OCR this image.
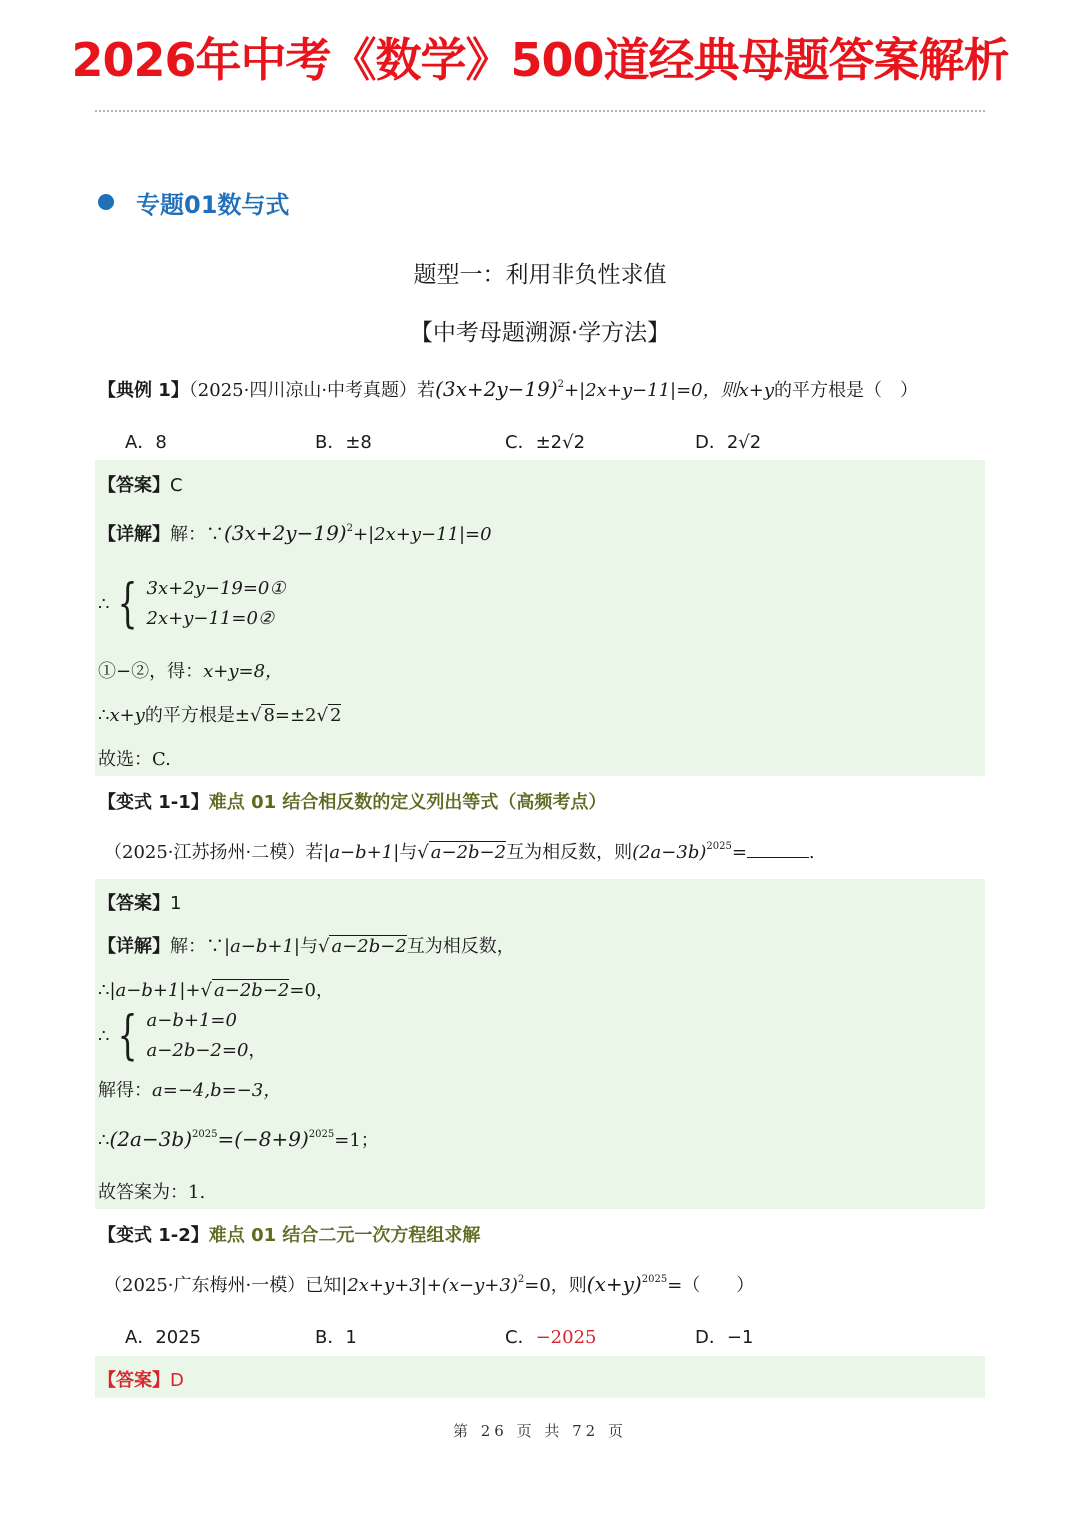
2026年中考《数学》500道经典母题答案解析
专题01数与式
题型一：利用非负性求值
【中考母题溯源·学方法】
【典例 1】（2025·四川凉山·中考真题）若$(3x+2y-19)^2+|2x+y-11|=0$，则x+y的平方根是（　）
A．8	B．±8	C．±2√2	D．2√2
【答案】C
【详解】解：$\because(3x+2y-19)^2+|2x+y-11|=0$
∴ { 3x+2y−19=0①
2x+y−11=0②
①−②，得：x+y=8，
∴x+y的平方根是±√ 8=±2√ 2
故选：C.
【变式 1-1】难点 01 结合相反数的定义列出等式（高频考点）
（2025·江苏扬州·二模）若|a−b+1|与√ a−2b−2互为相反数，则$(2a-3b)^{2025}=$	.
【答案】1
【详解】解：∵|a−b+1|与√ a−2b−2互为相反数，
∴|a−b+1|+√ a−2b−2=0，
∴ { a−b+1=0
a−2b−2=0 ，
解得：a=−4,b=−3，
$\therefore(2a-3b)^{2025}=(-8+9)^{2025}=1$；
故答案为：1.
【变式 1-2】难点 01 结合二元一次方程组求解
（2025·广东梅州·一模）已知$|2x+y+3|+(x-y+3)^2=0$，则$(x+y)^{2025}=$（　　）
A．2025	B．1	C．−2025	D．−1
【答案】D
第 26 页 共 72 页
